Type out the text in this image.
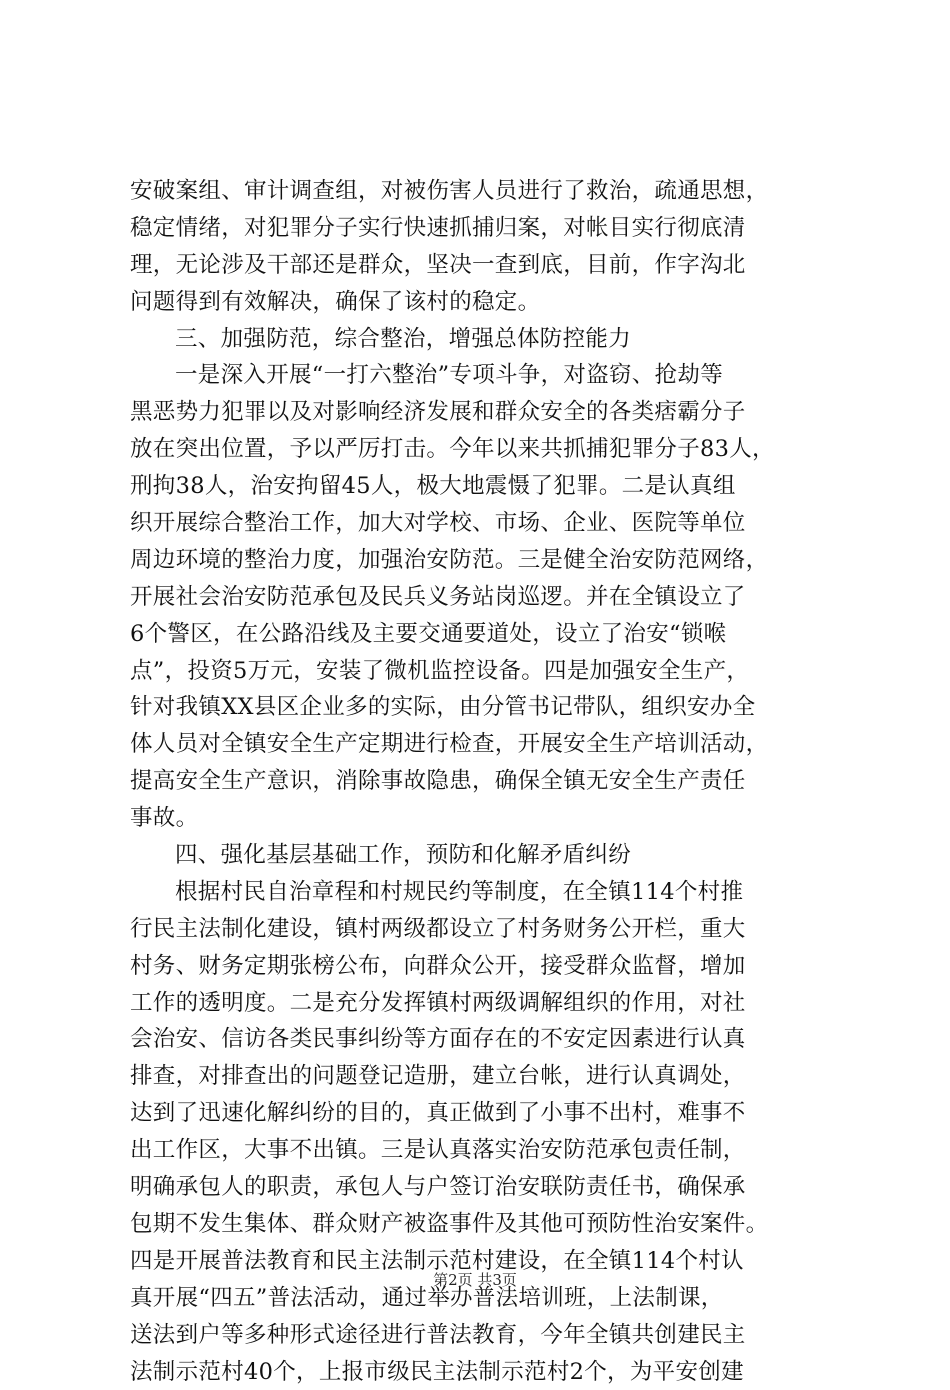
安破案组、审计调查组，对被伤害人员进行了救治，疏通思想，
稳定情绪，对犯罪分子实行快速抓捕归案，对帐目实行彻底清
理，无论涉及干部还是群众，坚决一查到底，目前，作字沟北
问题得到有效解决，确保了该村的稳定。
三、加强防范，综合整治，增强总体防控能力
一是深入开展“一打六整治”专项斗争，对盗窃、抢劫等
黑恶势力犯罪以及对影响经济发展和群众安全的各类痞霸分子
放在突出位置，予以严厉打击。今年以来共抓捕犯罪分子83人，
刑拘38人，治安拘留45人，极大地震慑了犯罪。二是认真组
织开展综合整治工作，加大对学校、市场、企业、医院等单位
周边环境的整治力度，加强治安防范。三是健全治安防范网络，
开展社会治安防范承包及民兵义务站岗巡逻。并在全镇设立了
6个警区，在公路沿线及主要交通要道处，设立了治安“锁喉
点”，投资5万元，安装了微机监控设备。四是加强安全生产，
针对我镇XX县区企业多的实际，由分管书记带队，组织安办全
体人员对全镇安全生产定期进行检查，开展安全生产培训活动，
提高安全生产意识，消除事故隐患，确保全镇无安全生产责任
事故。
四、强化基层基础工作，预防和化解矛盾纠纷
根据村民自治章程和村规民约等制度，在全镇114个村推
行民主法制化建设，镇村两级都设立了村务财务公开栏，重大
村务、财务定期张榜公布，向群众公开，接受群众监督，增加
工作的透明度。二是充分发挥镇村两级调解组织的作用，对社
会治安、信访各类民事纠纷等方面存在的不安定因素进行认真
排查，对排查出的问题登记造册，建立台帐，进行认真调处，
达到了迅速化解纠纷的目的，真正做到了小事不出村，难事不
出工作区，大事不出镇。三是认真落实治安防范承包责任制，
明确承包人的职责，承包人与户签订治安联防责任书，确保承
包期不发生集体、群众财产被盗事件及其他可预防性治安案件。
四是开展普法教育和民主法制示范村建设，在全镇114个村认
真开展“四五”普法活动，通过举办普法培训班，上法制课，
送法到户等多种形式途径进行普法教育，今年全镇共创建民主
法制示范村40个，上报市级民主法制示范村2个，为平安创建
第2页 共3页
